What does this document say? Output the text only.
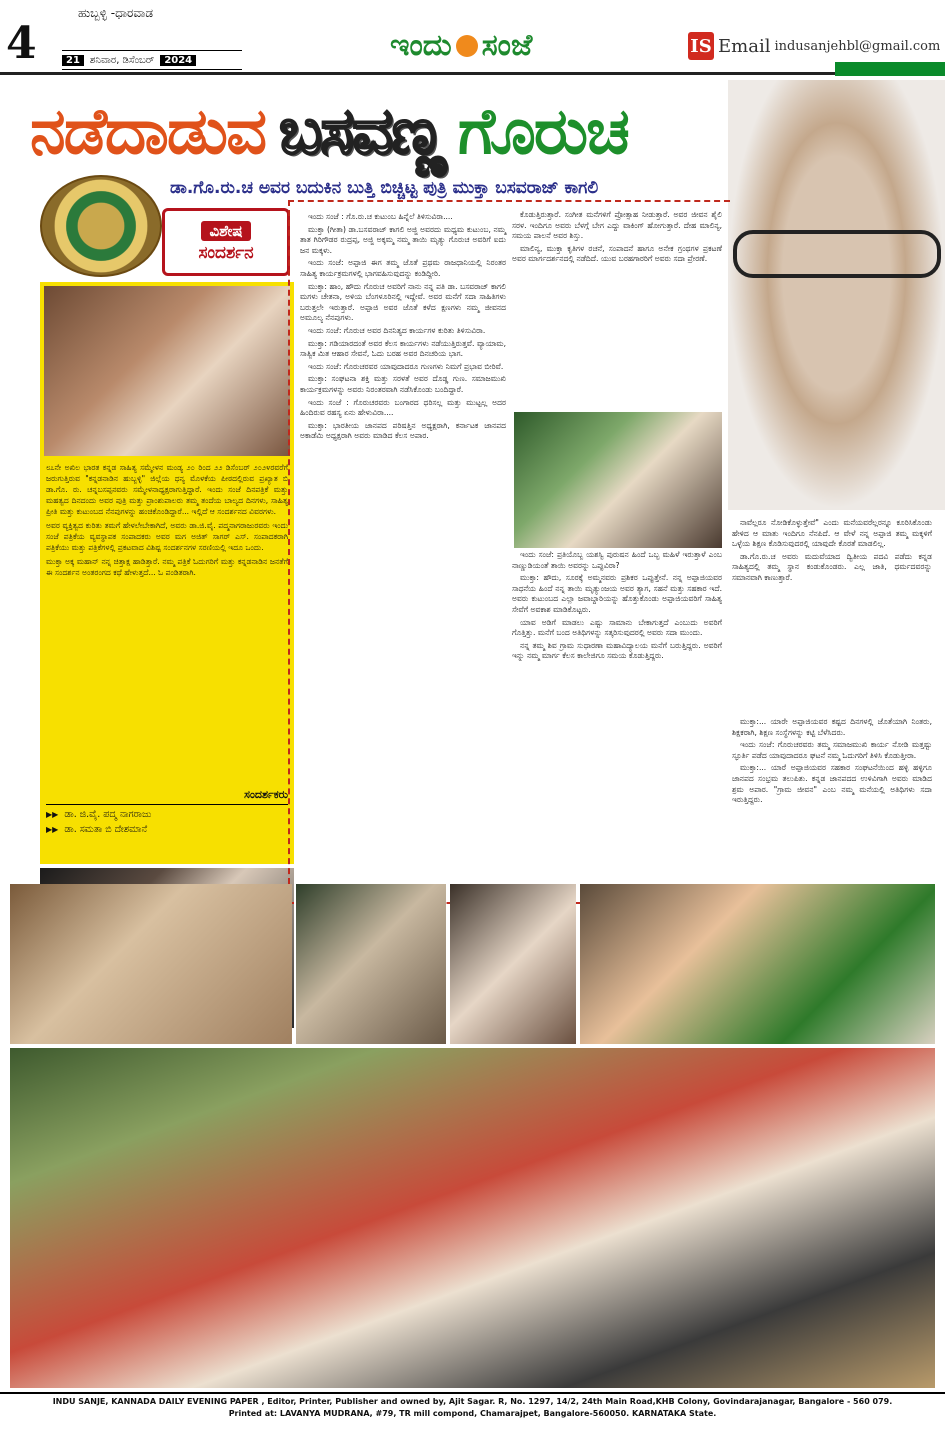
4
ಹುಬ್ಬಳ್ಳಿ -ಧಾರವಾಡ
21	ಶನಿವಾರ, ಡಿಸೆಂಬರ್	2024	ಇಂದು ಸಂಜೆ	IS Email indusanjehbl@gmail.com
ನಡೆದಾಡುವ ಬಸವಣ್ಣ ಗೊರುಚ
ಡಾ.ಗೊ.ರು.ಚ ಅವರ ಬದುಕಿನ ಬುತ್ತಿ ಬಿಚ್ಚಿಟ್ಟ ಪುತ್ರಿ ಮುಕ್ತಾ ಬಸವರಾಜ್ ಕಾಗಲಿ
ವಿಶೇಷ
ಸಂದರ್ಶನ

೮೭ನೇ ಅಖಿಲ ಭಾರತ ಕನ್ನಡ ಸಾಹಿತ್ಯ ಸಮ್ಮೇಳನ ಮಂಡ್ಯ ೨೦ ರಿಂದ ೨೨ ಡಿಸೆಂಬರ್ ೨೦೨೪ರವರೆಗೆ ಜರುಗುತ್ತಿರುವ "ಕನ್ನಡನಾಡಿನ ಹುಬ್ಬಳ್ಳಿ" ಜಿಲ್ಲೆಯ ಧನ್ಯ ಮೊಳಕೆಯ ಪೀಠದಲ್ಲಿರುವ ಪ್ರಖ್ಯಾತ ಬಿ ಡಾ.ಗೊ. ರು. ಚನ್ನಬಸಪ್ಪನವರು ಸಮ್ಮೇಳನಾಧ್ಯಕ್ಷರಾಗುತ್ತಿದ್ದಾರೆ. ಇಂದು ಸಂಜೆ ದಿನಪತ್ರಿಕೆ ಮತ್ತು ಮಹತ್ವದ ದಿನದಂದು ಅವರ ಪುತ್ರಿ ಮತ್ತು ಪ್ರಾಂಶುಪಾಲರು ತಮ್ಮ ತಂದೆಯ ಬಾಲ್ಯದ ದಿನಗಳು, ಸಾಹಿತ್ಯ ಪ್ರೀತಿ ಮತ್ತು ಕುಟುಂಬದ ನೆನಪುಗಳನ್ನು ಹಂಚಿಕೊಂಡಿದ್ದಾರೆ... ಇಲ್ಲಿದೆ ಆ ಸಂದರ್ಶನದ ವಿವರಗಳು.

ಅವರ ವ್ಯಕ್ತಿತ್ವದ ಕುರಿತು ತಮಗೆ ಹೇಳಲೇಬೇಕಾಗಿದೆ, ಅವರು ಡಾ.ಜಿ.ವೈ. ಪದ್ಮನಾಗರಾಜುರವರು ಇಂದು ಸಂಜೆ ಪತ್ರಿಕೆಯ ವ್ಯವಸ್ಥಾಪಕ ಸಂಪಾದಕರು ಅವರ ಮಗ ಅಜಿತ್ ಸಾಗರ್ ಎಸ್. ಸಂಪಾದಕರಾಗಿ ಪತ್ರಿಕೆಯು ಮತ್ತು ಪತ್ರಿಕೆಗಳಲ್ಲಿ ಪ್ರಕಟವಾದ ವಿಶಿಷ್ಟ ಸಂದರ್ಶನಗಳ ಸರಣಿಯಲ್ಲಿ ಇದೂ ಒಂದು.

ಮುಕ್ತಾ ಅಕ್ಕ ಮಹಾನ್ ನನ್ನ ಚಿತ್ತಾಕ್ಷ ಹಾಡಿತ್ತಾರೆ. ನಮ್ಮ ಪತ್ರಿಕೆ ಓದುಗರಿಗೆ ಮತ್ತು ಕನ್ನಡನಾಡಿನ ಜನತೆಗೆ ಈ ಸಂದರ್ಶನ ಅಂತರಂಗದ ಕಥೆ ಹೇಳುತ್ತದೆ... ಓ ಪಂಡಿತರಾಗಿ.

ಸಂದರ್ಶಕರು
▶▶ ಡಾ. ಜಿ.ವೈ. ಪದ್ಮ ನಾಗರಾಜು
▶▶ ಡಾ. ಸಮತಾ ಬಿ ದೇಶಮಾನೆ

ಇಂದು ಸಂಜೆ : ಗೊ.ರು.ಚ ಕುಟುಂಬ ಹಿನ್ನೆಲೆ ತಿಳಿಸುವಿರಾ....

ಮುಕ್ತಾ (ಗೀತಾ) ಡಾ.ಬಸವರಾಜ್ ಕಾಗಲಿ ಅಜ್ಜಿ ಅವರದು ಮಧ್ಯಮ ಕುಟುಂಬ, ನಮ್ಮ ತಾತ ಗಿರಿಗೌಡರ ರುದ್ರಪ್ಪ, ಅಜ್ಜಿ ಅಕ್ಕಮ್ಮ ನಮ್ಮ ತಾಯಿ ಮೃತ್ಯು ಗೊರುಚ ಅವರಿಗೆ ಐದು ಜನ ಮಕ್ಕಳು.

ಇಂದು ಸಂಜೆ: ಅಪ್ಪಾಜಿ ಈಗ ತಮ್ಮ ಜೊತೆ ಪ್ರಥಮ ರಾಜಧಾನಿಯಲ್ಲಿ ನಿರಂತರ ಸಾಹಿತ್ಯ ಕಾರ್ಯಕ್ರಮಗಳಲ್ಲಿ ಭಾಗವಹಿಸುವುದನ್ನು ಕಂಡಿದ್ದೀರಿ.

ಮುಕ್ತಾ: ಹಾಂ, ಹೌದು ಗೊರುಚ ಅವರಿಗೆ ನಾನು ನನ್ನ ಪತಿ ಡಾ. ಬಸವರಾಜ್ ಕಾಗಲಿ ಮಗಳು ಚೇತನಾ, ಅಳಿಯ ಬೆಂಗಳೂರಿನಲ್ಲಿ ಇದ್ದೇವೆ. ಅವರ ಮನೆಗೆ ಸದಾ ಸಾಹಿತಿಗಳು ಬರುತ್ತಲೇ ಇರುತ್ತಾರೆ. ಅಪ್ಪಾಜಿ ಅವರ ಜೊತೆ ಕಳೆದ ಕ್ಷಣಗಳು ನಮ್ಮ ಜೀವನದ ಅಮೂಲ್ಯ ನೆನಪುಗಳು.

ಇಂದು ಸಂಜೆ: ಗೊರುಚ ಅವರ ದಿನನಿತ್ಯದ ಕಾರ್ಯಗಳ ಕುರಿತು ತಿಳಿಸುವಿರಾ.

ಮುಕ್ತಾ: ಗಡಿಯಾರದಂತೆ ಅವರ ಕೆಲಸ ಕಾರ್ಯಗಳು ನಡೆಯುತ್ತಿರುತ್ತವೆ. ವ್ಯಾಯಾಮ, ಸಾತ್ವಿಕ ಮಿತ ಆಹಾರ ಸೇವನೆ, ಓದು ಬರಹ ಅವರ ದಿನಚರಿಯ ಭಾಗ.

ಇಂದು ಸಂಜೆ: ಗೊರುಚರವರ ಯಾವುದಾದರೂ ಗುಣಗಳು ನಿಮಗೆ ಪ್ರಭಾವ ಬೀರಿವೆ.

ಮುಕ್ತಾ: ಸಂಘಟನಾ ಶಕ್ತಿ ಮತ್ತು ಸರಳತೆ ಅವರ ದೊಡ್ಡ ಗುಣ. ಸಮಾಜಮುಖಿ ಕಾರ್ಯಕ್ರಮಗಳನ್ನು ಅವರು ನಿರಂತರವಾಗಿ ನಡೆಸಿಕೊಂಡು ಬಂದಿದ್ದಾರೆ.

ಇಂದು ಸಂಜೆ : ಗೊರುಚರವರು ಬಂಗಾರದ ಧರಿಸಲ್ಲ ಮತ್ತು ಮುಟ್ಟಲ್ಲ ಅದರ ಹಿಂದಿರುವ ರಹಸ್ಯ ಏನು ಹೇಳುವಿರಾ....

ಮುಕ್ತಾ: ಭಾರತೀಯ ಜಾನಪದ ಪರಿಷತ್ತಿನ ಅಧ್ಯಕ್ಷರಾಗಿ, ಕರ್ನಾಟಕ ಜಾನಪದ ಅಕಾಡೆಮಿ ಅಧ್ಯಕ್ಷರಾಗಿ ಅವರು ಮಾಡಿದ ಕೆಲಸ ಅಪಾರ.

ಕೊಡುತ್ತಿರುತ್ತಾರೆ. ಸಂಗೀತ ಮನೆಗಳಿಗೆ ಪ್ರೋತ್ಸಾಹ ನೀಡುತ್ತಾರೆ. ಅವರ ಜೀವನ ಶೈಲಿ ಸರಳ. ಇಂದಿಗೂ ಅವರು ಬೆಳಗ್ಗೆ ಬೇಗ ಎದ್ದು ವಾಕಿಂಗ್ ಹೋಗುತ್ತಾರೆ. ದೇಹ ಮಾಲಿನ್ಯ, ಸಮಯ ಪಾಲನೆ ಅವರ ಶಿಸ್ತು.

ಮಾಲಿನ್ಯ, ಮುಕ್ತಾ ಕೃತಿಗಳ ರಚನೆ, ಸಂಪಾದನೆ ಹಾಗೂ ಅನೇಕ ಗ್ರಂಥಗಳ ಪ್ರಕಟಣೆ ಅವರ ಮಾರ್ಗದರ್ಶನದಲ್ಲಿ ನಡೆದಿದೆ. ಯುವ ಬರಹಗಾರರಿಗೆ ಅವರು ಸದಾ ಪ್ರೇರಣೆ.

ಇಂದು ಸಂಜೆ: ಪ್ರತಿಯೊಬ್ಬ ಯಶಸ್ವಿ ಪುರುಷನ ಹಿಂದೆ ಒಬ್ಬ ಮಹಿಳೆ ಇರುತ್ತಾಳೆ ಎಂಬ ನಾಣ್ಣುಡಿಯಂತೆ ತಾಯಿ ಅವರನ್ನು ಒಪ್ಪುವಿರಾ?

ಮುಕ್ತಾ: ಹೌದು, ಸೂರಕ್ಕೆ ಅಮ್ಮನವರು ಪ್ರಶಿಕರ ಒಪ್ಪುತ್ತೇನೆ. ನನ್ನ ಅಪ್ಪಾಜಿಯವರ ಸಾಧನೆಯ ಹಿಂದೆ ನನ್ನ ತಾಯಿ ಮೃತ್ಯುಂಜಯ ಅವರ ತ್ಯಾಗ, ಸಹನೆ ಮತ್ತು ಸಹಕಾರ ಇದೆ. ಅವರು ಕುಟುಂಬದ ಎಲ್ಲಾ ಜವಾಬ್ದಾರಿಯನ್ನು ಹೊತ್ತುಕೊಂಡು ಅಪ್ಪಾಜಿಯವರಿಗೆ ಸಾಹಿತ್ಯ ಸೇವೆಗೆ ಅವಕಾಶ ಮಾಡಿಕೊಟ್ಟರು.

ಯಾವ ಅಡಿಗೆ ಮಾಡಲು ಎಷ್ಟು ಸಾಮಾನು ಬೇಕಾಗುತ್ತದೆ ಎಂಬುದು ಅವರಿಗೆ ಗೊತ್ತಿತ್ತು. ಮನೆಗೆ ಬಂದ ಅತಿಥಿಗಳನ್ನು ಸತ್ಕರಿಸುವುದರಲ್ಲಿ ಅವರು ಸದಾ ಮುಂದು.

ನನ್ನ ತಮ್ಮ ಶಿವ ಗ್ರಾಮ ಸುಧಾರಣಾ ಮಹಾವಿದ್ಯಾಲಯ ಮನೆಗೆ ಬರುತ್ತಿದ್ದರು. ಅವರಿಗೆ ಇನ್ನು ನಮ್ಮ ಮಾರ್ಗ ಕೆಲಸ ಕಾಲೇಜಿಗೂ ಸಮಯ ಕೊಡುತ್ತಿದ್ದರು.

ನಾವೆಲ್ಲರೂ ನೋಡಿಕೊಳ್ಳುತ್ತೇವೆ" ಎಂದು ಮನೆಯವರೆಲ್ಲರನ್ನೂ ಕೂರಿಸಿಕೊಂಡು ಹೇಳಿದ ಆ ಮಾತು ಇಂದಿಗೂ ನೆನಪಿದೆ. ಆ ವೇಳೆ ನನ್ನ ಅಪ್ಪಾಜಿ ತಮ್ಮ ಮಕ್ಕಳಿಗೆ ಒಳ್ಳೆಯ ಶಿಕ್ಷಣ ಕೊಡಿಸುವುದರಲ್ಲಿ ಯಾವುದೇ ಕೊರತೆ ಮಾಡಲಿಲ್ಲ.

ಡಾ.ಗೊ.ರು.ಚ ಅವರು ಮದುವೆಯಾದ ದ್ವಿತೀಯ ಪದವಿ ಪಡೆದು ಕನ್ನಡ ಸಾಹಿತ್ಯದಲ್ಲಿ ತಮ್ಮ ಸ್ಥಾನ ಕಂಡುಕೊಂಡರು. ಎಲ್ಲ ಜಾತಿ, ಧರ್ಮದವರನ್ನು ಸಮಾನವಾಗಿ ಕಾಣುತ್ತಾರೆ.

ಮುಕ್ತಾ:... ಯಾರೇ ಅಪ್ಪಾಜಿಯವರ ಕಷ್ಟದ ದಿನಗಳಲ್ಲಿ ಜೊತೆಯಾಗಿ ನಿಂತರು, ಶಿಕ್ಷಕರಾಗಿ, ಶಿಕ್ಷಣ ಸಂಸ್ಥೆಗಳನ್ನು ಕಟ್ಟಿ ಬೆಳೆಸಿದರು.

ಇಂದು ಸಂಜೆ: ಗೊರುಚರವರು ತಮ್ಮ ಸಮಾಜಮುಖಿ ಕಾರ್ಯ ನೋಡಿ ಮತ್ತಷ್ಟು ಸ್ಫೂರ್ತಿ ಪಡೆದ ಯಾವುದಾದರೂ ಘಟನೆ ನಮ್ಮ ಓದುಗರಿಗೆ ತಿಳಿಸಿ ಕೊಡುತ್ತೀರಾ.

ಮುಕ್ತಾ:... ಯಾರೆ ಅಪ್ಪಾಜಿಯವರ ಸಹಕಾರ ಸಂಘಟನೆಯಿಂದ ಹಳ್ಳಿ ಹಳ್ಳಿಗೂ ಜಾನಪದ ಸಂಭ್ರಮ ತಲುಪಿತು. ಕನ್ನಡ ಜಾನಪದದ ಉಳಿವಿಗಾಗಿ ಅವರು ಮಾಡಿದ ಶ್ರಮ ಅಪಾರ. "ಗ್ರಾಮ ಜೀವನ" ಎಂಬ ನಮ್ಮ ಮನೆಯಲ್ಲಿ ಅತಿಥಿಗಳು ಸದಾ ಇರುತ್ತಿದ್ದರು.

INDU SANJE, KANNADA DAILY EVENING PAPER , Editor, Printer, Publisher and owned by, Ajit Sagar. R, No. 1297, 14/2, 24th Main Road,KHB Colony, Govindarajanagar, Bangalore - 560 079.
Printed at: LAVANYA MUDRANA, #79, TR mill compond, Chamarajpet, Bangalore-560050. KARNATAKA State.
